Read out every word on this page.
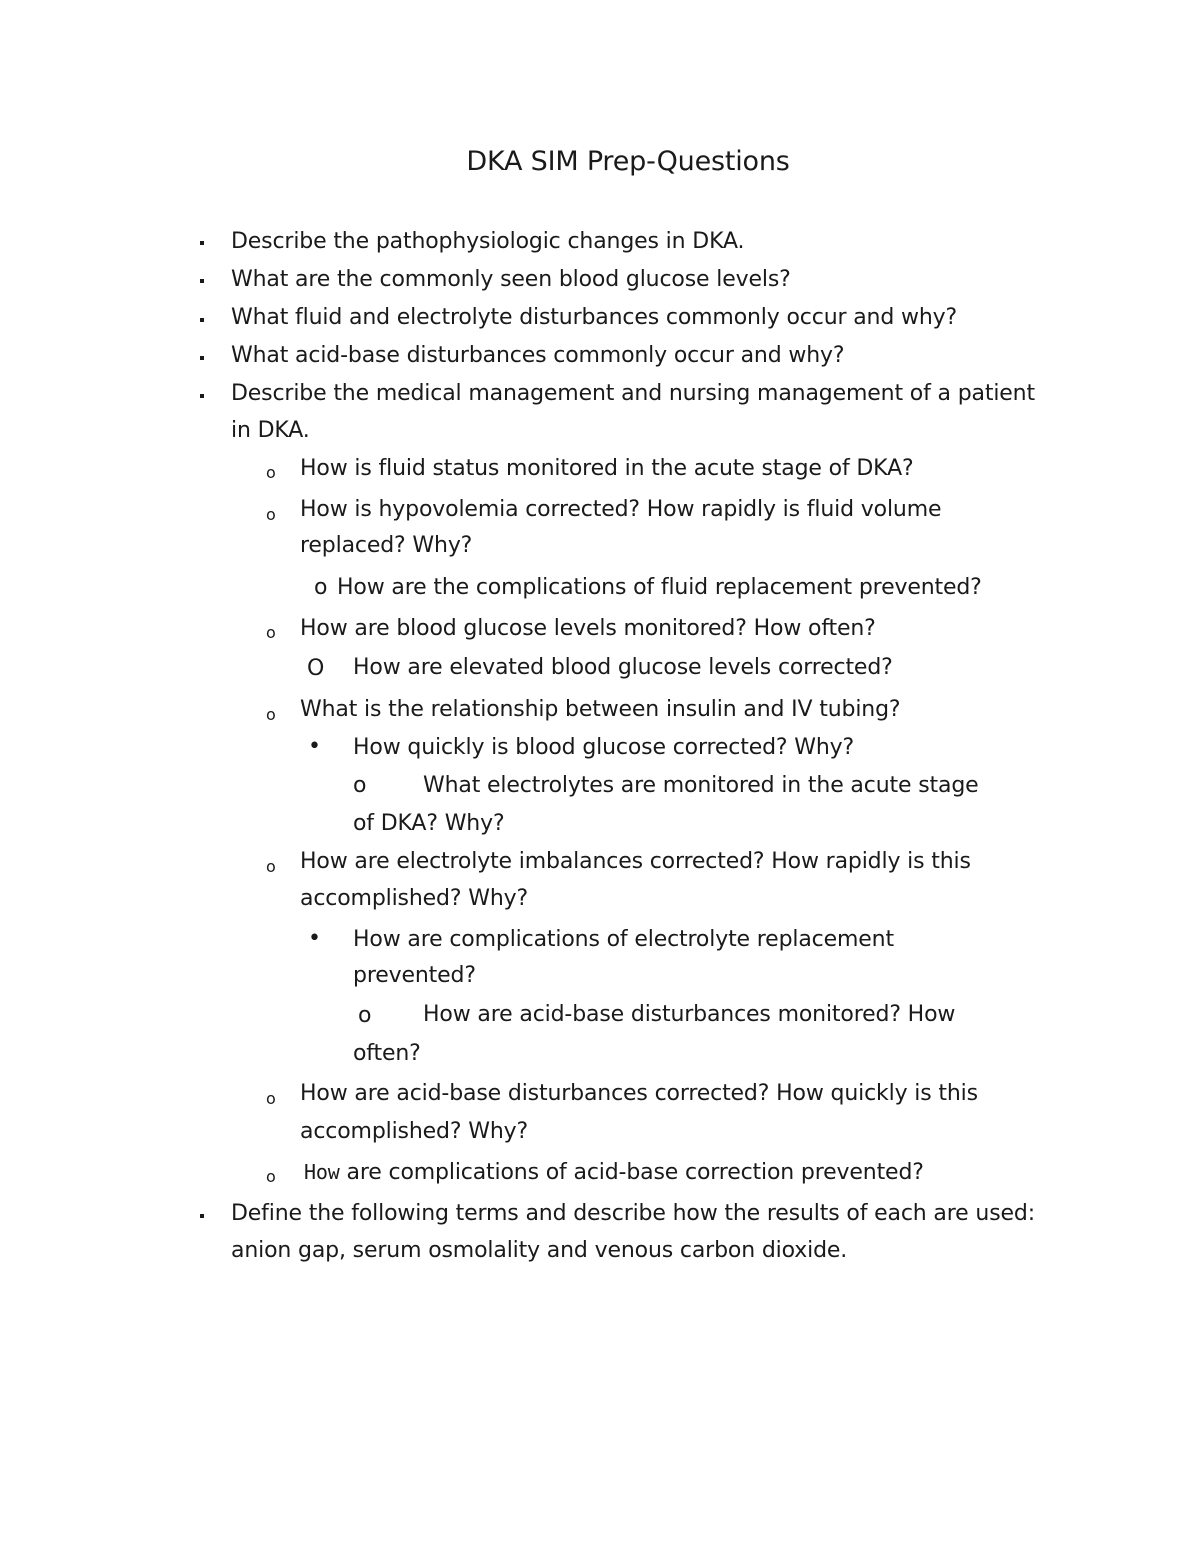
DKA SIM Prep-Questions
Describe the pathophysiologic changes in DKA.
What are the commonly seen blood glucose levels?
What fluid and electrolyte disturbances commonly occur and why?
What acid-base disturbances commonly occur and why?
Describe the medical management and nursing management of a patient
in DKA.
o How is fluid status monitored in the acute stage of DKA?
o How is hypovolemia corrected? How rapidly is fluid volume
replaced? Why?
o How are the complications of fluid replacement prevented?
o How are blood glucose levels monitored? How often?
O How are elevated blood glucose levels corrected?
o What is the relationship between insulin and IV tubing?
• How quickly is blood glucose corrected? Why?
o	What electrolytes are monitored in the acute stage
of DKA? Why?
o How are electrolyte imbalances corrected? How rapidly is this
accomplished? Why?
• How are complications of electrolyte replacement
prevented?
o How are acid-base disturbances monitored? How
often?
o How are acid-base disturbances corrected? How quickly is this
accomplished? Why?
o How are complications of acid-base correction prevented?
Define the following terms and describe how the results of each are used:
anion gap, serum osmolality and venous carbon dioxide.
